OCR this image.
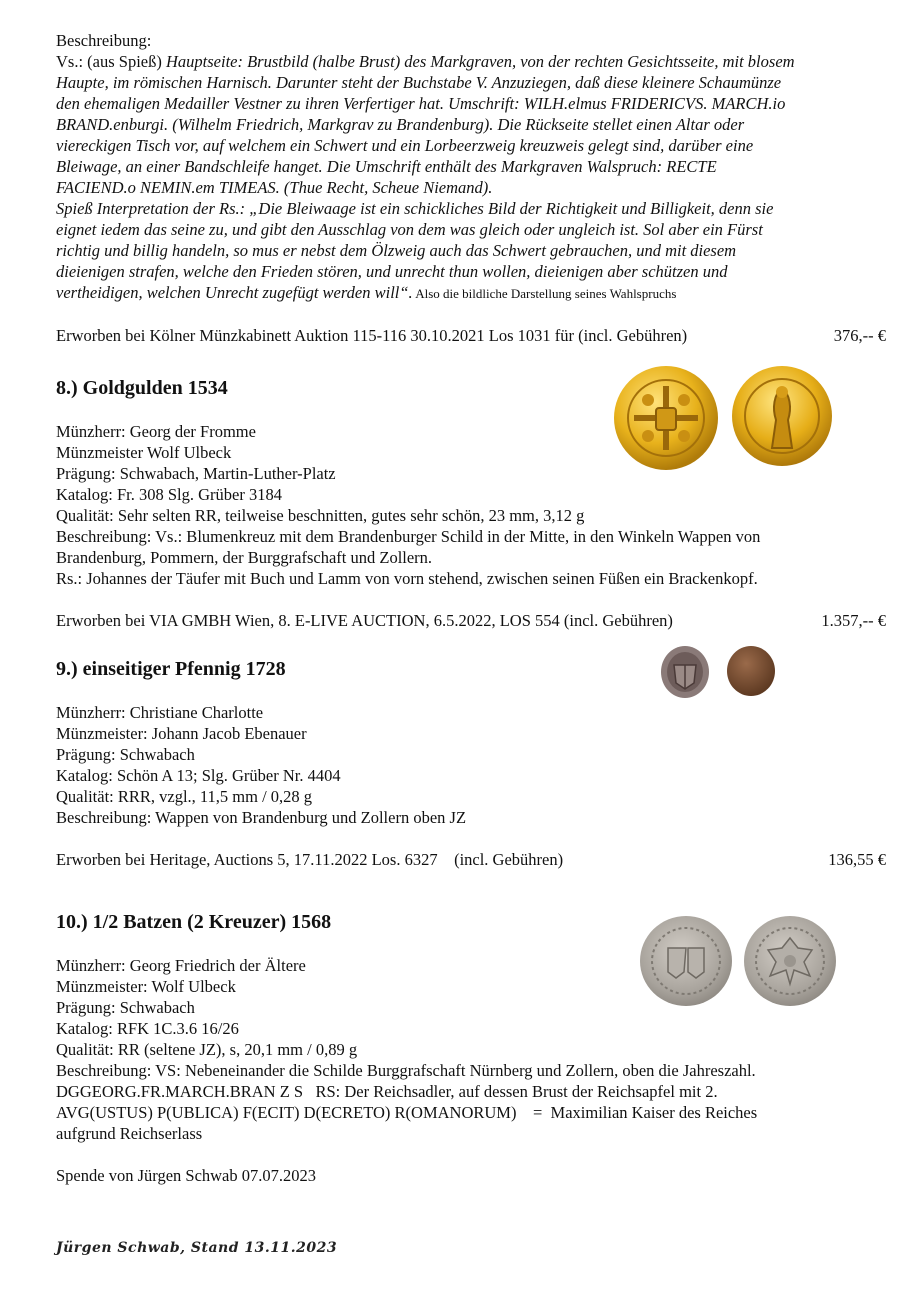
Beschreibung:
Vs.: (aus Spieß) Hauptseite: Brustbild (halbe Brust) des Markgraven, von der rechten Gesichtsseite, mit blosem
Haupte, im römischen Harnisch. Darunter steht der Buchstabe V. Anzuziegen, daß diese kleinere Schaumünze
den ehemaligen Medailler Vestner zu ihren Verfertiger hat. Umschrift: WILH.elmus FRIDERICVS. MARCH.io
BRAND.enburgi. (Wilhelm Friedrich, Markgrav zu Brandenburg). Die Rückseite stellet einen Altar oder
viereckigen Tisch vor, auf welchem ein Schwert und ein Lorbeerzweig kreuzweis gelegt sind, darüber eine
Bleiwage, an einer Bandschleife hanget. Die Umschrift enthält des Markgraven Walspruch: RECTE
FACIEND.o NEMIN.em TIMEAS. (Thue Recht, Scheue Niemand).
Spieß Interpretation der Rs.: „Die Bleiwaage ist ein schickliches Bild der Richtigkeit und Billigkeit, denn sie
eignet iedem das seine zu, und gibt den Ausschlag von dem was gleich oder ungleich ist. Sol aber ein Fürst
richtig und billig handeln, so mus er nebst dem Ölzweig auch das Schwert gebrauchen, und mit diesem
dieienigen strafen, welche den Frieden stören, und unrecht thun wollen, dieienigen aber schützen und
vertheidigen, welchen Unrecht zugefügt werden will“. Also die bildliche Darstellung seines Wahlspruchs
Erworben bei Kölner Münzkabinett Auktion 115-116 30.10.2021 Los 1031 für (incl. Gebühren)	376,-- €
8.) Goldgulden 1534
Münzherr: Georg der Fromme
Münzmeister Wolf Ulbeck
Prägung: Schwabach, Martin-Luther-Platz
Katalog: Fr. 308 Slg. Grüber 3184
Qualität: Sehr selten RR, teilweise beschnitten, gutes sehr schön, 23 mm, 3,12 g
Beschreibung: Vs.: Blumenkreuz mit dem Brandenburger Schild in der Mitte, in den Winkeln Wappen von
Brandenburg, Pommern, der Burggrafschaft und Zollern.
Rs.: Johannes der Täufer mit Buch und Lamm von vorn stehend, zwischen seinen Füßen ein Brackenkopf.
Erworben bei VIA GMBH Wien, 8. E-LIVE AUCTION, 6.5.2022, LOS 554 (incl. Gebühren)	1.357,-- €
9.) einseitiger Pfennig 1728
Münzherr: Christiane Charlotte
Münzmeister: Johann Jacob Ebenauer
Prägung: Schwabach
Katalog: Schön A 13; Slg. Grüber Nr. 4404
Qualität: RRR, vzgl., 11,5 mm / 0,28 g
Beschreibung: Wappen von Brandenburg und Zollern oben JZ
Erworben bei Heritage, Auctions 5, 17.11.2022 Los. 6327    (incl. Gebühren)	136,55 €
10.) 1/2 Batzen (2 Kreuzer) 1568
Münzherr: Georg Friedrich der Ältere
Münzmeister: Wolf Ulbeck
Prägung: Schwabach
Katalog: RFK 1C.3.6 16/26
Qualität: RR (seltene JZ), s, 20,1 mm / 0,89 g
Beschreibung: VS: Nebeneinander die Schilde Burggrafschaft Nürnberg und Zollern, oben die Jahreszahl.
DGGEORG.FR.MARCH.BRAN Z S   RS: Der Reichsadler, auf dessen Brust der Reichsapfel mit 2.
AVG(USTUS) P(UBLICA) F(ECIT) D(ECRETO) R(OMANORUM)    =  Maximilian Kaiser des Reiches
aufgrund Reichserlass
Spende von Jürgen Schwab 07.07.2023
Jürgen Schwab, Stand 13.11.2023
